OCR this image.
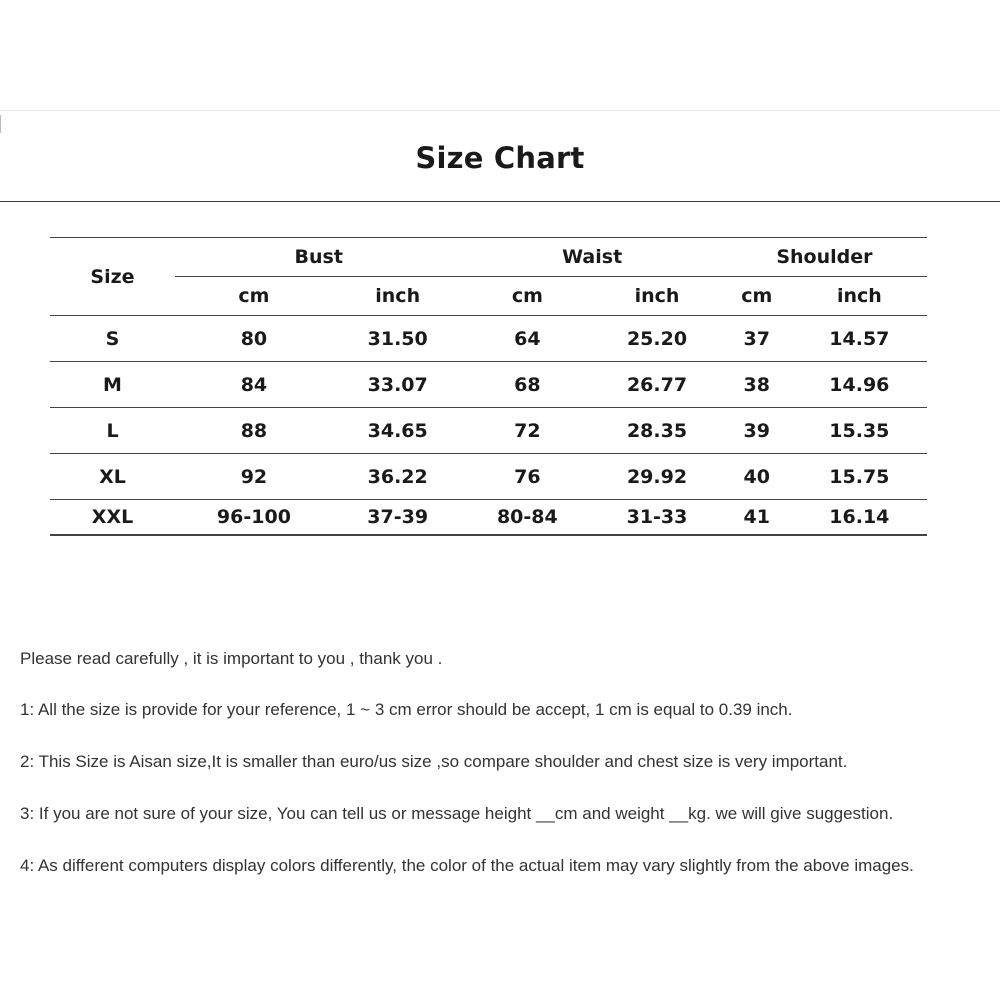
Size Chart
Size	Bust		Waist		Shoulder	
	cm	inch	cm	inch	cm	inch
S	80	31.50	64	25.20	37	14.57
M	84	33.07	68	26.77	38	14.96
L	88	34.65	72	28.35	39	15.35
XL	92	36.22	76	29.92	40	15.75
XXL	96-100	37-39	80-84	31-33	41	16.14

Please read carefully , it is important to you , thank you .

1: All the size is provide for your reference, 1 ~ 3 cm error should be accept, 1 cm is equal to 0.39 inch.

2: This Size is Aisan size,It is smaller than euro/us size ,so compare shoulder and chest size is very important.

3: If you are not sure of your size, You can tell us or message height __cm and weight __kg. we will give suggestion.

4: As different computers display colors differently, the color of the actual item may vary slightly from the above images.
